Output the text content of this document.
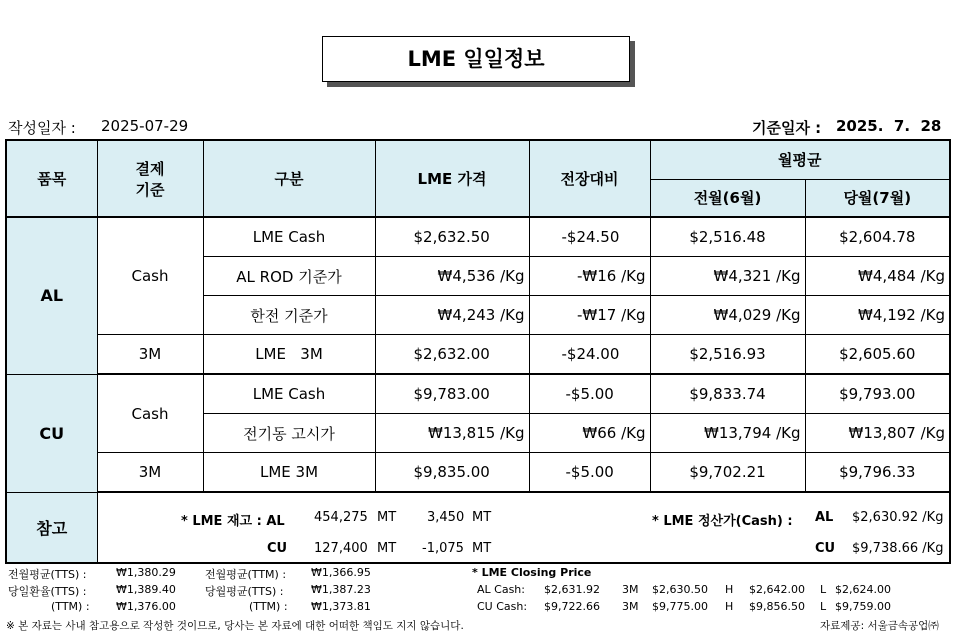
LME 일일정보
작성일자 : 2025-07-29	기준일자 : 2025.  7.  28
품목	결제 기준	구분	LME 가격	전장대비	월평균	
					전월(6월)	당월(7월)
AL	Cash	LME Cash	$2,632.50	-$24.50	$2,516.48	$2,604.78
		AL ROD 기준가	₩4,536 /Kg	-₩16 /Kg	₩4,321 /Kg	₩4,484 /Kg
		한전 기준가	₩4,243 /Kg	-₩17 /Kg	₩4,029 /Kg	₩4,192 /Kg
	3M	LME   3M	$2,632.00	-$24.00	$2,516.93	$2,605.60
CU	Cash	LME Cash	$9,783.00	-$5.00	$9,833.74	$9,793.00
		전기동 고시가	₩13,815 /Kg	₩66 /Kg	₩13,794 /Kg	₩13,807 /Kg
	3M	LME 3M	$9,835.00	-$5.00	$9,702.21	$9,796.33
참고							* LME 재고 : AL 454,275 MT 3,450 MT
CU 127,400 MT -1,075 MT
* LME 정산가(Cash) : AL $2,630.92 /Kg
CU $9,738.66 /Kg
전월평균(TTS) :	₩1,380.29
당일환율(TTS) :	₩1,389.40
(TTM) : ₩1,376.00
전월평균(TTM) : ₩1,366.95
당월평균(TTS) : ₩1,387.23
(TTM) : ₩1,373.81
* LME Closing Price
AL Cash: $2,631.92 3M $2,630.50 H $2,642.00 L $2,624.00
CU Cash: $9,722.66 3M $9,775.00 H $9,856.50 L $9,759.00
※ 본 자료는 사내 참고용으로 작성한 것이므로, 당사는 본 자료에 대한 어떠한 책임도 지지 않습니다.	자료제공: 서울금속공업㈜
